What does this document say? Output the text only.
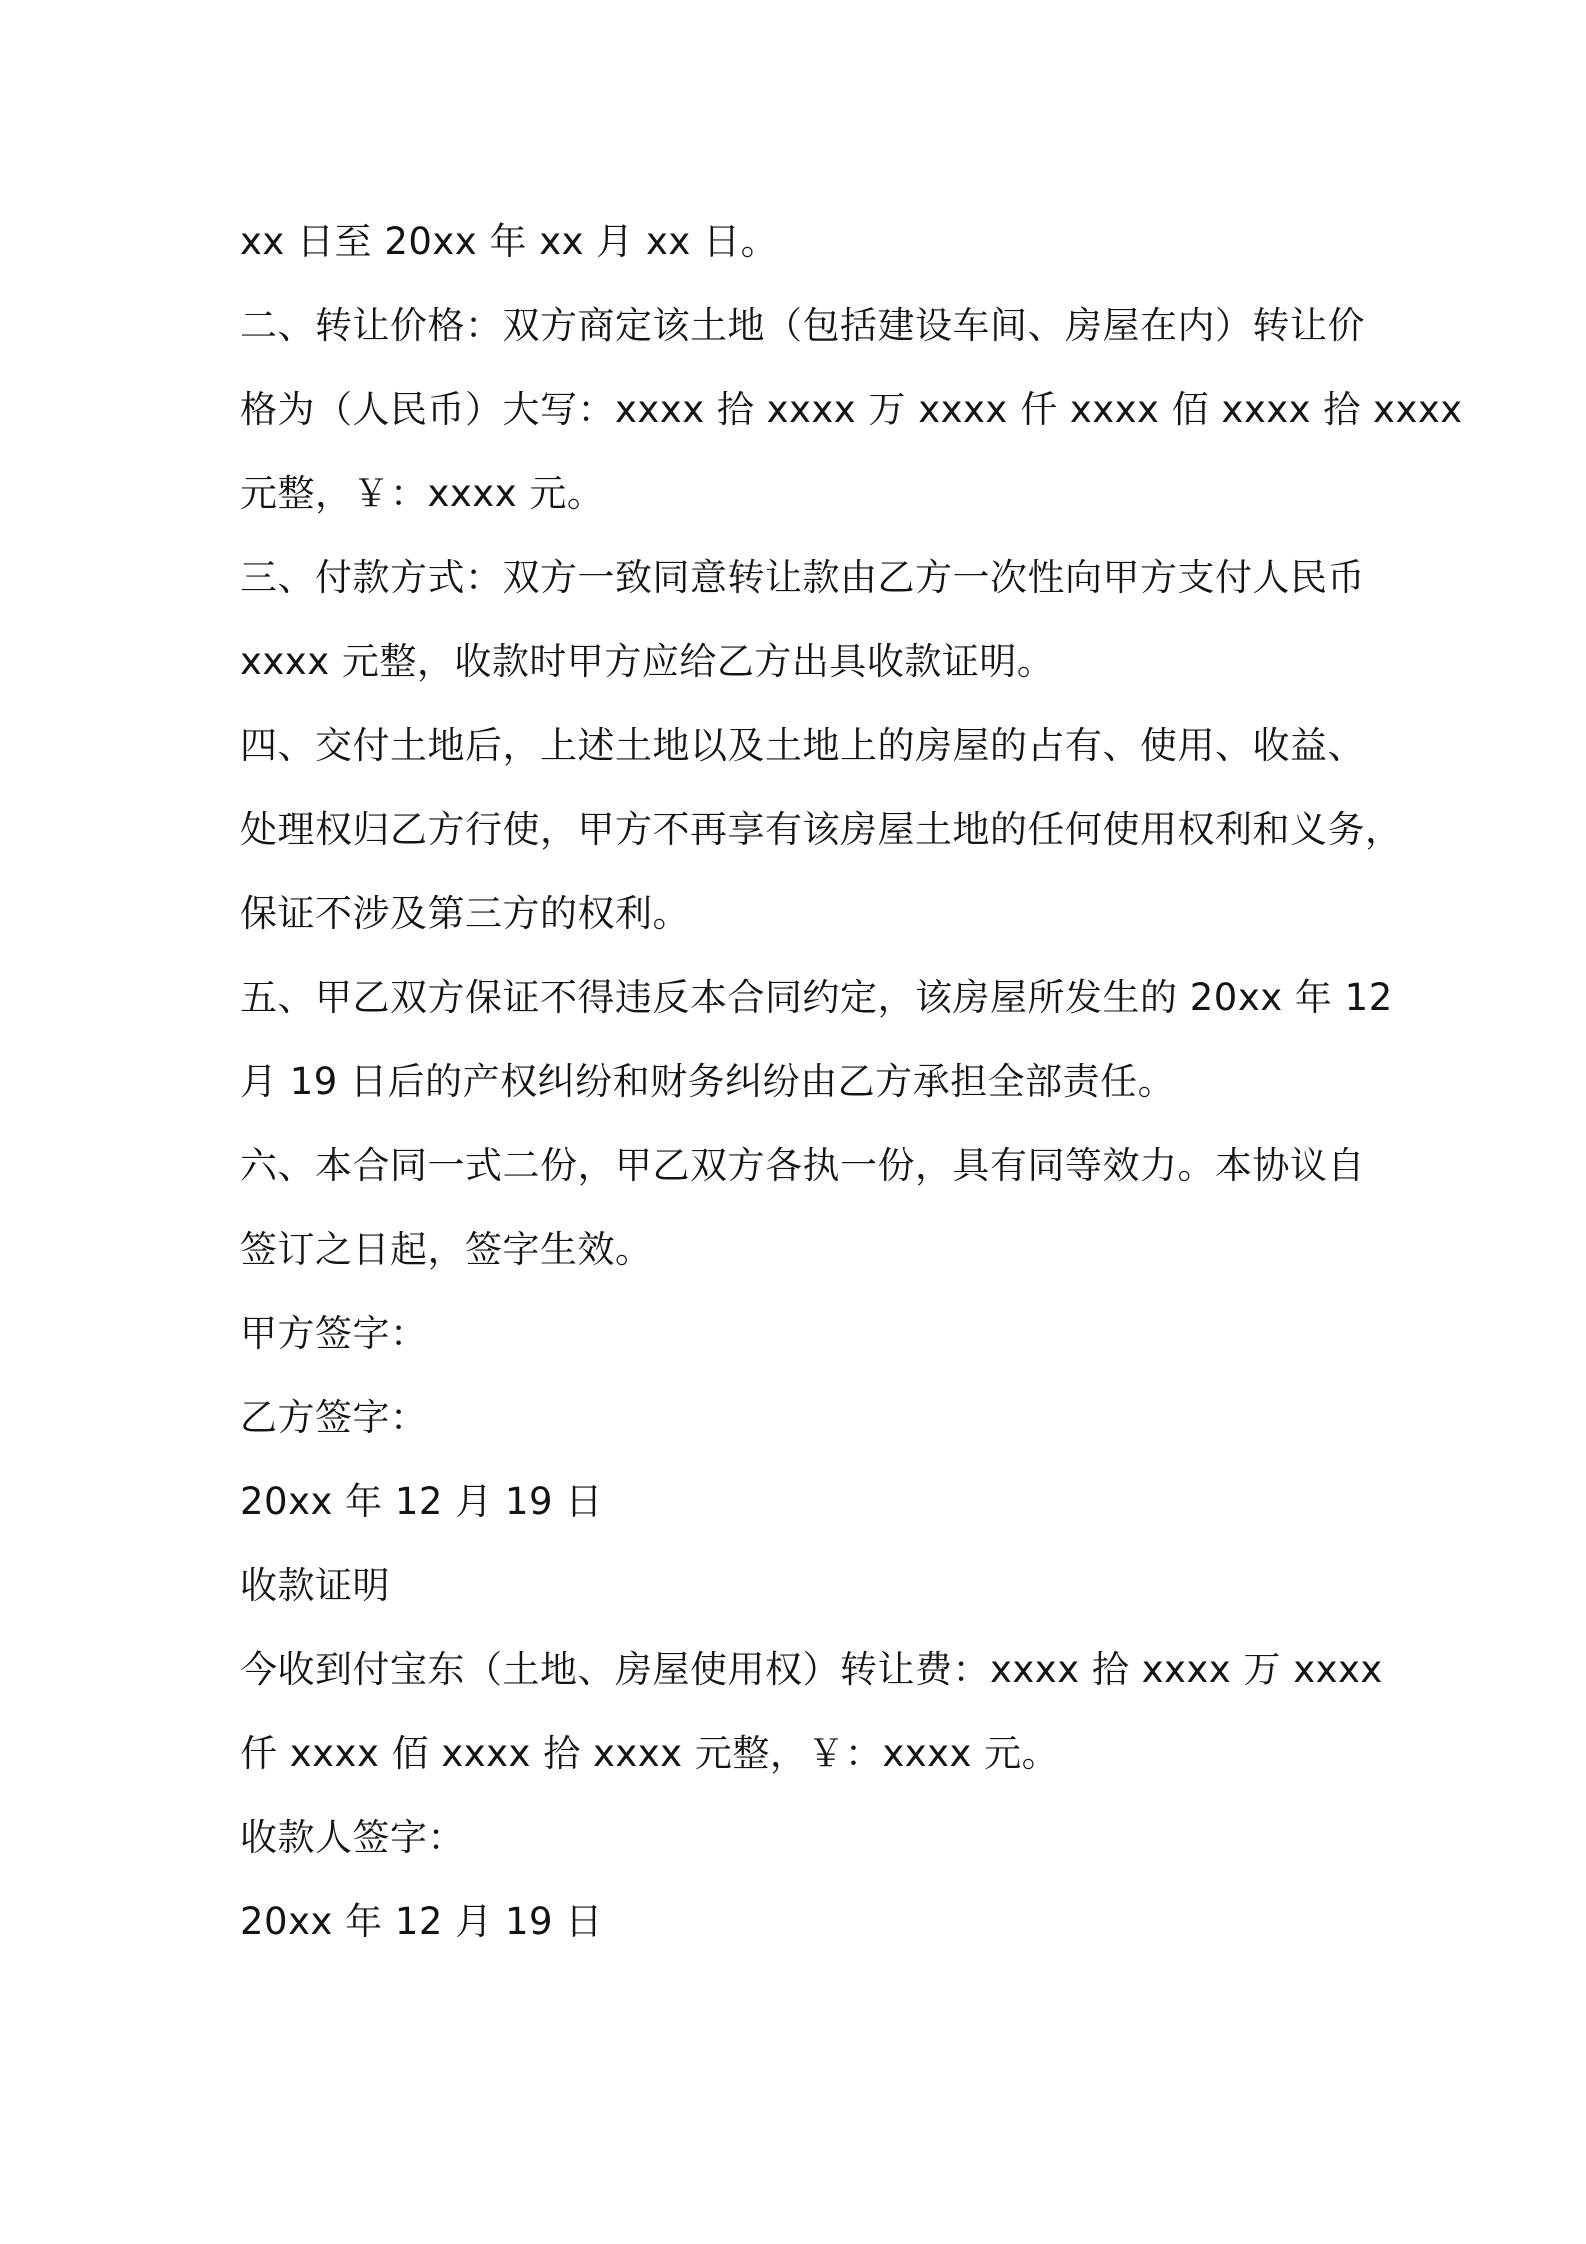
xx 日至 20xx 年 xx 月 xx 日。
二、转让价格：双方商定该土地（包括建设车间、房屋在内）转让价
格为（人民币）大写：xxxx 拾 xxxx 万 xxxx 仟 xxxx 佰 xxxx 拾 xxxx
元整，￥：xxxx 元。
三、付款方式：双方一致同意转让款由乙方一次性向甲方支付人民币
xxxx 元整，收款时甲方应给乙方出具收款证明。
四、交付土地后，上述土地以及土地上的房屋的占有、使用、收益、
处理权归乙方行使，甲方不再享有该房屋土地的任何使用权利和义务，
保证不涉及第三方的权利。
五、甲乙双方保证不得违反本合同约定，该房屋所发生的 20xx 年 12
月 19 日后的产权纠纷和财务纠纷由乙方承担全部责任。
六、本合同一式二份，甲乙双方各执一份，具有同等效力。本协议自
签订之日起，签字生效。
甲方签字：
乙方签字：
20xx 年 12 月 19 日
收款证明
今收到付宝东（土地、房屋使用权）转让费：xxxx 拾 xxxx 万 xxxx
仟 xxxx 佰 xxxx 拾 xxxx 元整，￥：xxxx 元。
收款人签字：
20xx 年 12 月 19 日
